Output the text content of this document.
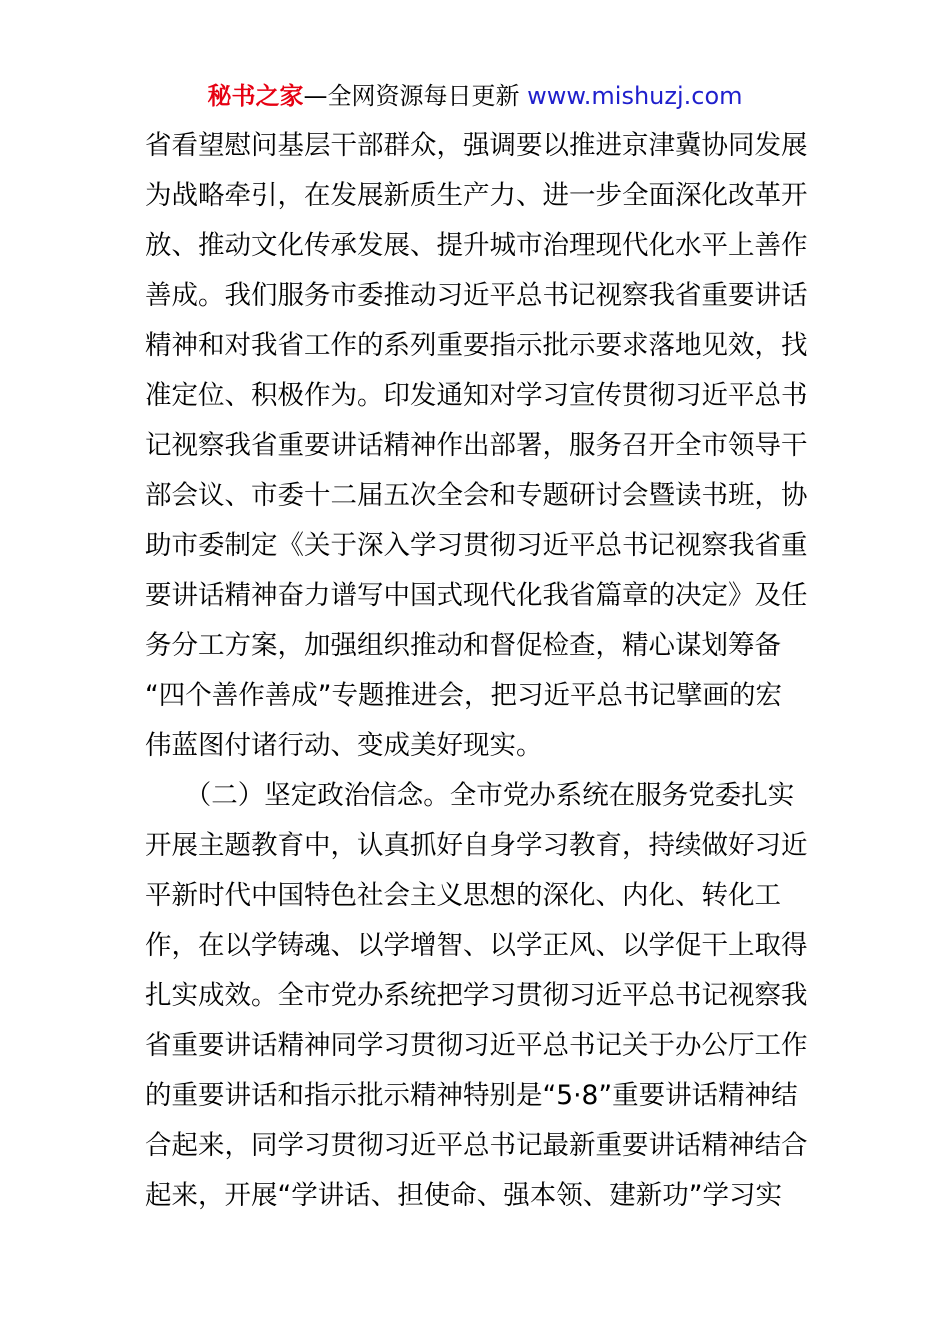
秘书之家—全网资源每日更新 www.mishuzj.com
省看望慰问基层干部群众，强调要以推进京津冀协同发展
为战略牵引，在发展新质生产力、进一步全面深化改革开
放、推动文化传承发展、提升城市治理现代化水平上善作
善成。我们服务市委推动习近平总书记视察我省重要讲话
精神和对我省工作的系列重要指示批示要求落地见效，找
准定位、积极作为。印发通知对学习宣传贯彻习近平总书
记视察我省重要讲话精神作出部署，服务召开全市领导干
部会议、市委十二届五次全会和专题研讨会暨读书班，协
助市委制定《关于深入学习贯彻习近平总书记视察我省重
要讲话精神奋力谱写中国式现代化我省篇章的决定》及任
务分工方案，加强组织推动和督促检查，精心谋划筹备
“四个善作善成”专题推进会，把习近平总书记擘画的宏
伟蓝图付诸行动、变成美好现实。
　　（二）坚定政治信念。全市党办系统在服务党委扎实
开展主题教育中，认真抓好自身学习教育，持续做好习近
平新时代中国特色社会主义思想的深化、内化、转化工
作，在以学铸魂、以学增智、以学正风、以学促干上取得
扎实成效。全市党办系统把学习贯彻习近平总书记视察我
省重要讲话精神同学习贯彻习近平总书记关于办公厅工作
的重要讲话和指示批示精神特别是“5·8”重要讲话精神结
合起来，同学习贯彻习近平总书记最新重要讲话精神结合
起来，开展“学讲话、担使命、强本领、建新功”学习实
